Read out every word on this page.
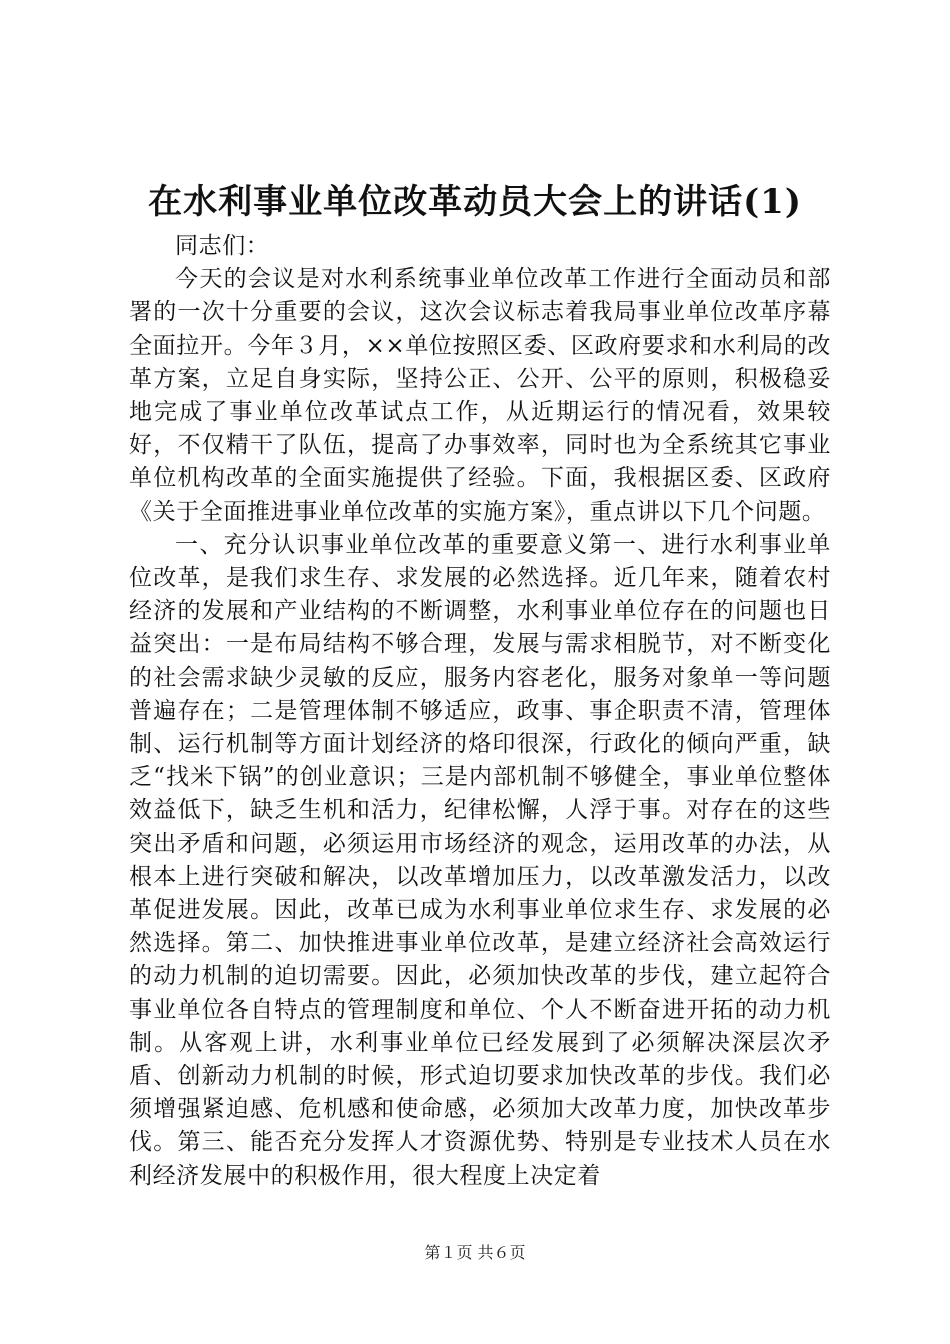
在水利事业单位改革动员大会上的讲话(1)

同志们：

今天的会议是对水利系统事业单位改革工作进行全面动员和部署的一次十分重要的会议，这次会议标志着我局事业单位改革序幕全面拉开。今年３月，××单位按照区委、区政府要求和水利局的改革方案，立足自身实际，坚持公正、公开、公平的原则，积极稳妥地完成了事业单位改革试点工作，从近期运行的情况看，效果较好，不仅精干了队伍，提高了办事效率，同时也为全系统其它事业单位机构改革的全面实施提供了经验。下面，我根据区委、区政府《关于全面推进事业单位改革的实施方案》，重点讲以下几个问题。

一、充分认识事业单位改革的重要意义第一、进行水利事业单位改革，是我们求生存、求发展的必然选择。近几年来，随着农村经济的发展和产业结构的不断调整，水利事业单位存在的问题也日益突出：一是布局结构不够合理，发展与需求相脱节，对不断变化的社会需求缺少灵敏的反应，服务内容老化，服务对象单一等问题普遍存在；二是管理体制不够适应，政事、事企职责不清，管理体制、运行机制等方面计划经济的烙印很深，行政化的倾向严重，缺乏“找米下锅”的创业意识；三是内部机制不够健全，事业单位整体效益低下，缺乏生机和活力，纪律松懈，人浮于事。对存在的这些突出矛盾和问题，必须运用市场经济的观念，运用改革的办法，从根本上进行突破和解决，以改革增加压力，以改革激发活力，以改革促进发展。因此，改革已成为水利事业单位求生存、求发展的必然选择。第二、加快推进事业单位改革，是建立经济社会高效运行的动力机制的迫切需要。因此，必须加快改革的步伐，建立起符合事业单位各自特点的管理制度和单位、个人不断奋进开拓的动力机制。从客观上讲，水利事业单位已经发展到了必须解决深层次矛盾、创新动力机制的时候，形式迫切要求加快改革的步伐。我们必须增强紧迫感、危机感和使命感，必须加大改革力度，加快改革步伐。第三、能否充分发挥人才资源优势、特别是专业技术人员在水利经济发展中的积极作用，很大程度上决定着

第１页 共６页
